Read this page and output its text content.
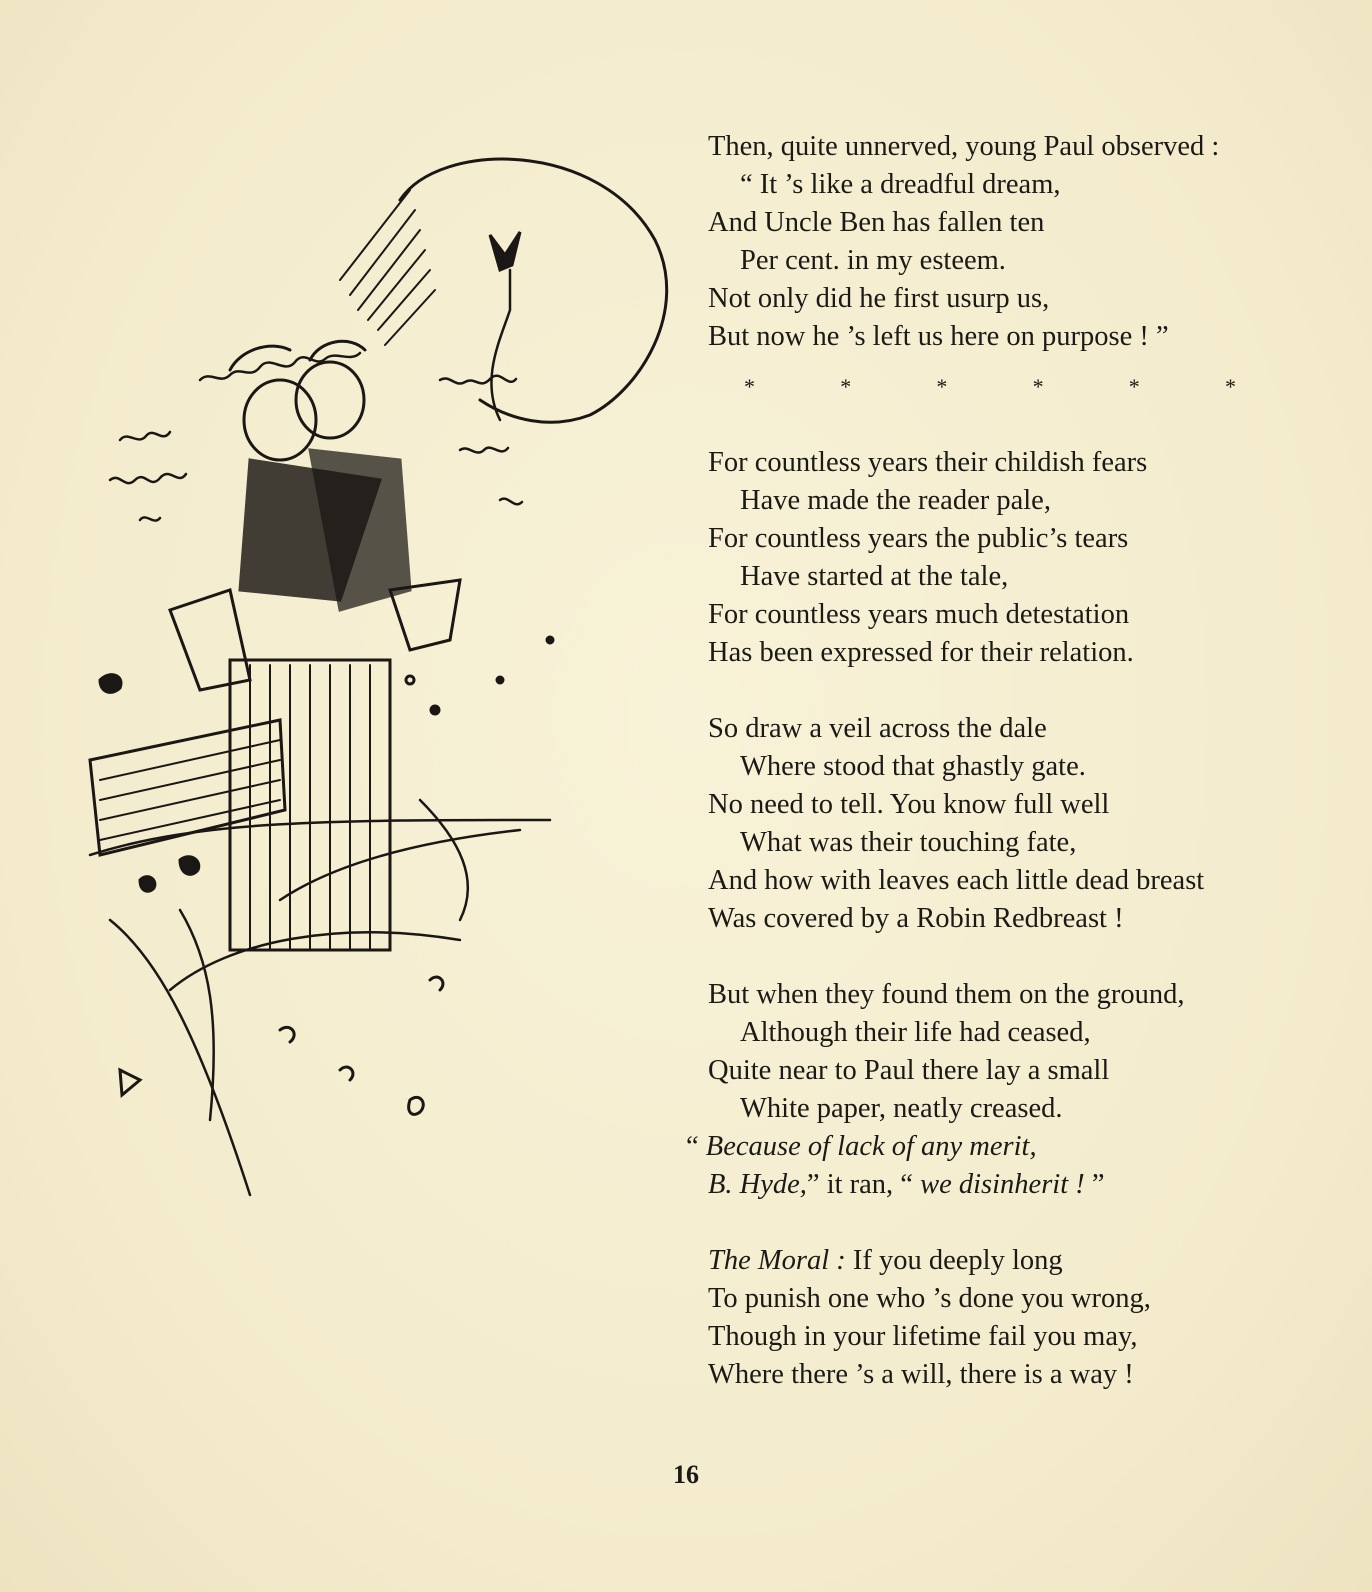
Then, quite unnerved, young Paul observed :
“ It ’s like a dreadful dream,
And Uncle Ben has fallen ten
Per cent. in my esteem.
Not only did he first usurp us,
But now he ’s left us here on purpose ! ”
*	*	*	*	*	*
For countless years their childish fears
Have made the reader pale,
For countless years the public’s tears
Have started at the tale,
For countless years much detestation
Has been expressed for their relation.
So draw a veil across the dale
Where stood that ghastly gate.
No need to tell. You know full well
What was their touching fate,
And how with leaves each little dead breast
Was covered by a Robin Redbreast !
But when they found them on the ground,
Although their life had ceased,
Quite near to Paul there lay a small
White paper, neatly creased.
“ Because of lack of any merit,
B. Hyde,” it ran, “ we disinherit ! ”
The Moral : If you deeply long
To punish one who ’s done you wrong,
Though in your lifetime fail you may,
Where there ’s a will, there is a way !
16
